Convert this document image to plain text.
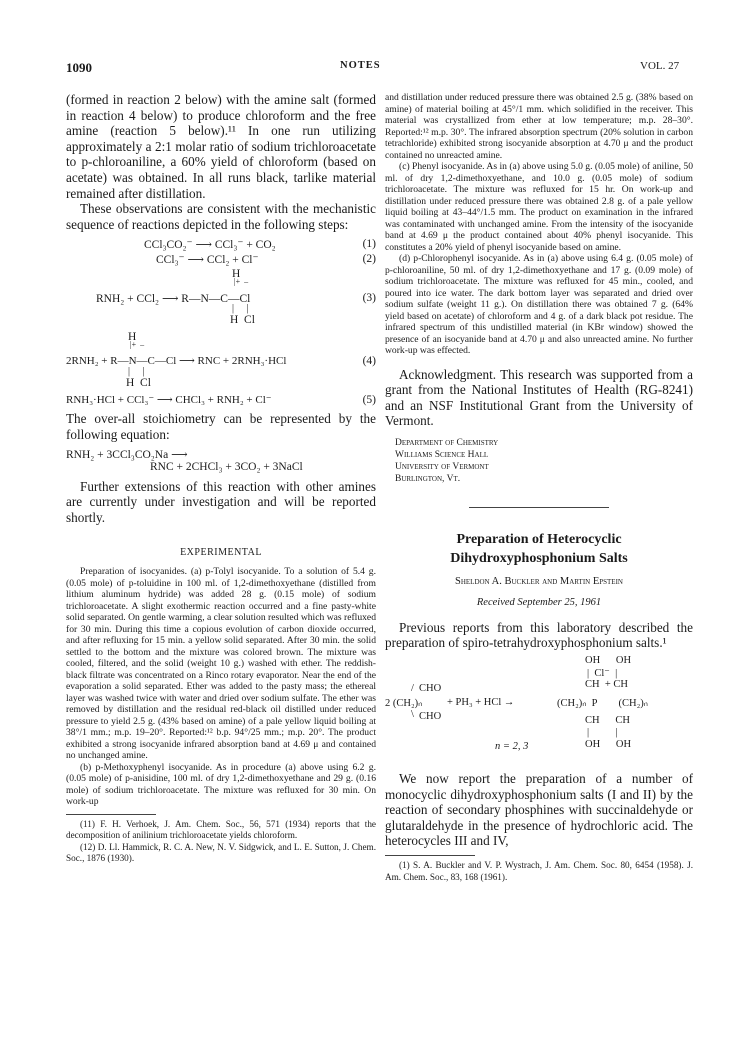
1090	NOTES	VOL. 27

(formed in reaction 2 below) with the amine salt (formed in reaction 4 below) to produce chloroform and the free amine (reaction 5 below).¹¹ In one run utilizing approximately a 2:1 molar ratio of sodium trichloroacetate to p-chloroaniline, a 60% yield of chloroform (based on acetate) was obtained. In all runs black, tarlike material remained after distillation.

These observations are consistent with the mechanistic sequence of reactions depicted in the following steps:

CCl₃CO₂⁻ ⟶ CCl₃⁻ + CO₂	(1)
CCl₃⁻ ⟶ CCl₂ + Cl⁻	(2)
H
|+  –
RNH₂ + CCl₂ ⟶ R—N—C—Cl	(3)
|     |
H  Cl
H
|+  –
2RNH₂ + R—N—C—Cl ⟶ RNC + 2RNH₃·HCl	(4)
|     |
H  Cl
RNH₃·HCl + CCl₃⁻ ⟶ CHCl₃ + RNH₂ + Cl⁻	(5)

The over-all stoichiometry can be represented by the following equation:

RNH₂ + 3CCl₃CO₂Na ⟶
RNC + 2CHCl₃ + 3CO₂ + 3NaCl

Further extensions of this reaction with other amines are currently under investigation and will be reported shortly.

EXPERIMENTAL

Preparation of isocyanides. (a) p-Tolyl isocyanide. To a solution of 5.4 g. (0.05 mole) of p-toluidine in 100 ml. of 1,2-dimethoxyethane (distilled from lithium aluminum hydride) was added 28 g. (0.15 mole) of sodium trichloroacetate. A slight exothermic reaction occurred and a fine pasty-white solid separated. On gentle warming, a clear solution resulted which was refluxed for 30 min. During this time a copious evolution of carbon dioxide occurred, and after refluxing for 15 min. a yellow solid separated. After 30 min. the solid settled to the bottom and the mixture was colored brown. The mixture was cooled, filtered, and the solid (weight 10 g.) washed with ether. The reddish-black filtrate was concentrated on a Rinco rotary evaporator. Near the end of the evaporation a solid separated. Ether was added to the pasty mass; the ethereal layer was washed twice with water and dried over sodium sulfate. The ether was removed by distillation and the residual red-black oil distilled under reduced pressure to yield 2.5 g. (43% based on amine) of a pale yellow liquid boiling at 38°/1 mm.; m.p. 19–20°. Reported:¹² b.p. 94°/25 mm.; m.p. 20°. The product exhibited a strong isocyanide infrared absorption band at 4.69 μ and contained no unchanged amine.

(b) p-Methoxyphenyl isocyanide. As in procedure (a) above using 6.2 g. (0.05 mole) of p-anisidine, 100 ml. of dry 1,2-dimethoxyethane and 29 g. (0.16 mole) of sodium trichloroacetate. The mixture was refluxed for 30 min. On work-up

(11) F. H. Verhoek, J. Am. Chem. Soc., 56, 571 (1934) reports that the decomposition of anilinium trichloroacetate yields chloroform.

(12) D. Ll. Hammick, R. C. A. New, N. V. Sidgwick, and L. E. Sutton, J. Chem. Soc., 1876 (1930).

and distillation under reduced pressure there was obtained 2.5 g. (38% based on amine) of material boiling at 45°/1 mm. which solidified in the receiver. This material was crystallized from ether at low temperature; m.p. 28–30°. Reported:¹² m.p. 30°. The infrared absorption spectrum (20% solution in carbon tetrachloride) exhibited strong isocyanide absorption at 4.70 μ and the product contained no unreacted amine.

(c) Phenyl isocyanide. As in (a) above using 5.0 g. (0.05 mole) of aniline, 50 ml. of dry 1,2-dimethoxyethane, and 10.0 g. (0.05 mole) of sodium trichloroacetate. The mixture was refluxed for 15 hr. On work-up and distillation under reduced pressure there was obtained 2.8 g. of a pale yellow liquid boiling at 43–44°/1.5 mm. The product on examination in the infrared was contaminated with unchanged amine. From the intensity of the isocyanide band at 4.69 μ the product contained about 40% phenyl isocyanide. This constitutes a 20% yield of phenyl isocyanide based on amine.

(d) p-Chlorophenyl isocyanide. As in (a) above using 6.4 g. (0.05 mole) of p-chloroaniline, 50 ml. of dry 1,2-dimethoxyethane and 17 g. (0.09 mole) of sodium trichloroacetate. The mixture was refluxed for 45 min., cooled, and poured into ice water. The dark bottom layer was separated and dried over sodium sulfate (weight 11 g.). On distillation there was obtained 7 g. (64% yield based on acetate) of chloroform and 4 g. of a dark black pot residue. The infrared spectrum of this undistilled material (in KBr window) showed the presence of an isocyanide band at 4.70 μ and also unreacted amine. No further work-up was effected.

Acknowledgment. This research was supported from a grant from the National Institutes of Health (RG-8241) and an NSF Institutional Grant from the University of Vermont.

Department of Chemistry
Williams Science Hall
University of Vermont
Burlington, Vt.

Preparation of Heterocyclic

Dihydroxyphosphonium Salts

Sheldon A. Buckler and Martin Epstein
Received September 25, 1961

Previous reports from this laboratory described the preparation of spiro-tetrahydroxyphosphonium salts.¹

OH      OH
|  Cl⁻  |
CH  + CH
CHO
/
2 (CH₂)ₙ + PH₃ + HCl →	(CH₂)ₙ  P        (CH₂)ₙ
\ CHO	CH      CH
|          |
OH      OH
n = 2, 3

We now report the preparation of a number of monocyclic dihydroxyphosphonium salts (I and II) by the reaction of secondary phosphines with succinaldehyde or glutaraldehyde in the presence of hydrochloric acid. The heterocycles III and IV,

(1) S. A. Buckler and V. P. Wystrach, J. Am. Chem. Soc. 80, 6454 (1958). J. Am. Chem. Soc., 83, 168 (1961).
